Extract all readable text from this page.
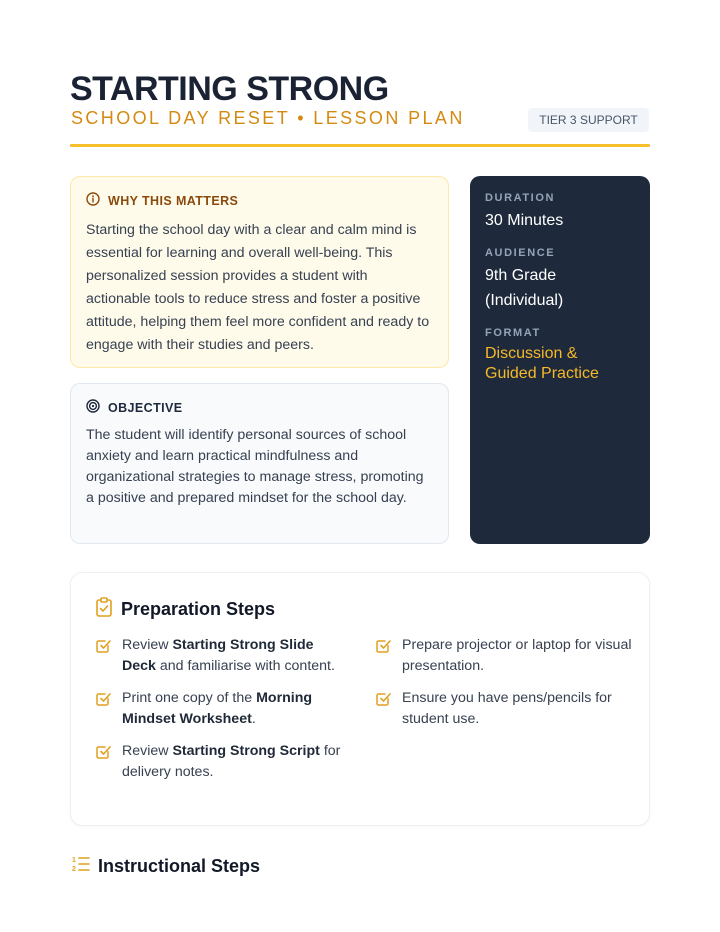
STARTING STRONG
SCHOOL DAY RESET • LESSON PLAN	TIER 3 SUPPORT
WHY THIS MATTERS

Starting the school day with a clear and calm mind is essential for learning and overall well-being. This personalized session provides a student with actionable tools to reduce stress and foster a positive attitude, helping them feel more confident and ready to engage with their studies and peers.

OBJECTIVE

The student will identify personal sources of school anxiety and learn practical mindfulness and organizational strategies to manage stress, promoting a positive and prepared mindset for the school day.

DURATION
30 Minutes
AUDIENCE
9th Grade
(Individual)
FORMAT
Discussion &
Guided Practice
Preparation Steps
Review Starting Strong Slide Deck and familiarise with content.
Print one copy of the Morning Mindset Worksheet.
Review Starting Strong Script for delivery notes.
Prepare projector or laptop for visual presentation.
Ensure you have pens/pencils for student use.
1
2 Instructional Steps
